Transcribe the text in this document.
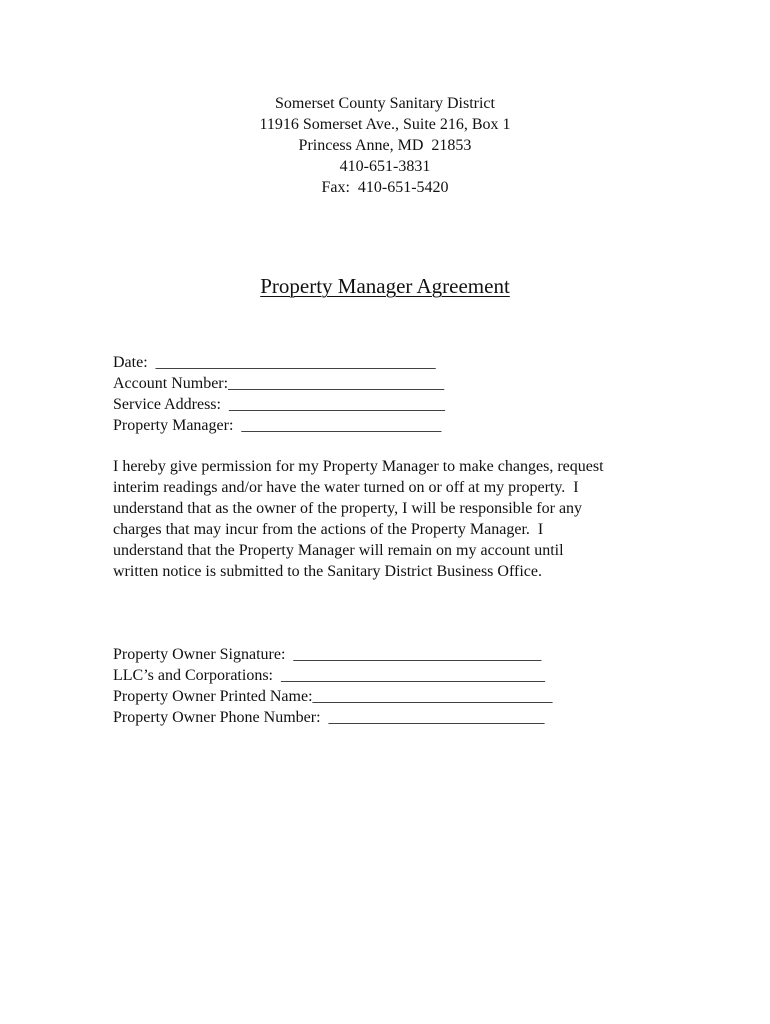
Somerset County Sanitary District
11916 Somerset Ave., Suite 216, Box 1
Princess Anne, MD  21853
410-651-3831
Fax:  410-651-5420
Property Manager Agreement
Date:  ___________________________________
Account Number:___________________________
Service Address:  ___________________________
Property Manager:  _________________________
I hereby give permission for my Property Manager to make changes, request
interim readings and/or have the water turned on or off at my property.  I
understand that as the owner of the property, I will be responsible for any
charges that may incur from the actions of the Property Manager.  I
understand that the Property Manager will remain on my account until
written notice is submitted to the Sanitary District Business Office.
Property Owner Signature:  _______________________________
LLC’s and Corporations:  _________________________________
Property Owner Printed Name:______________________________
Property Owner Phone Number:  ___________________________
